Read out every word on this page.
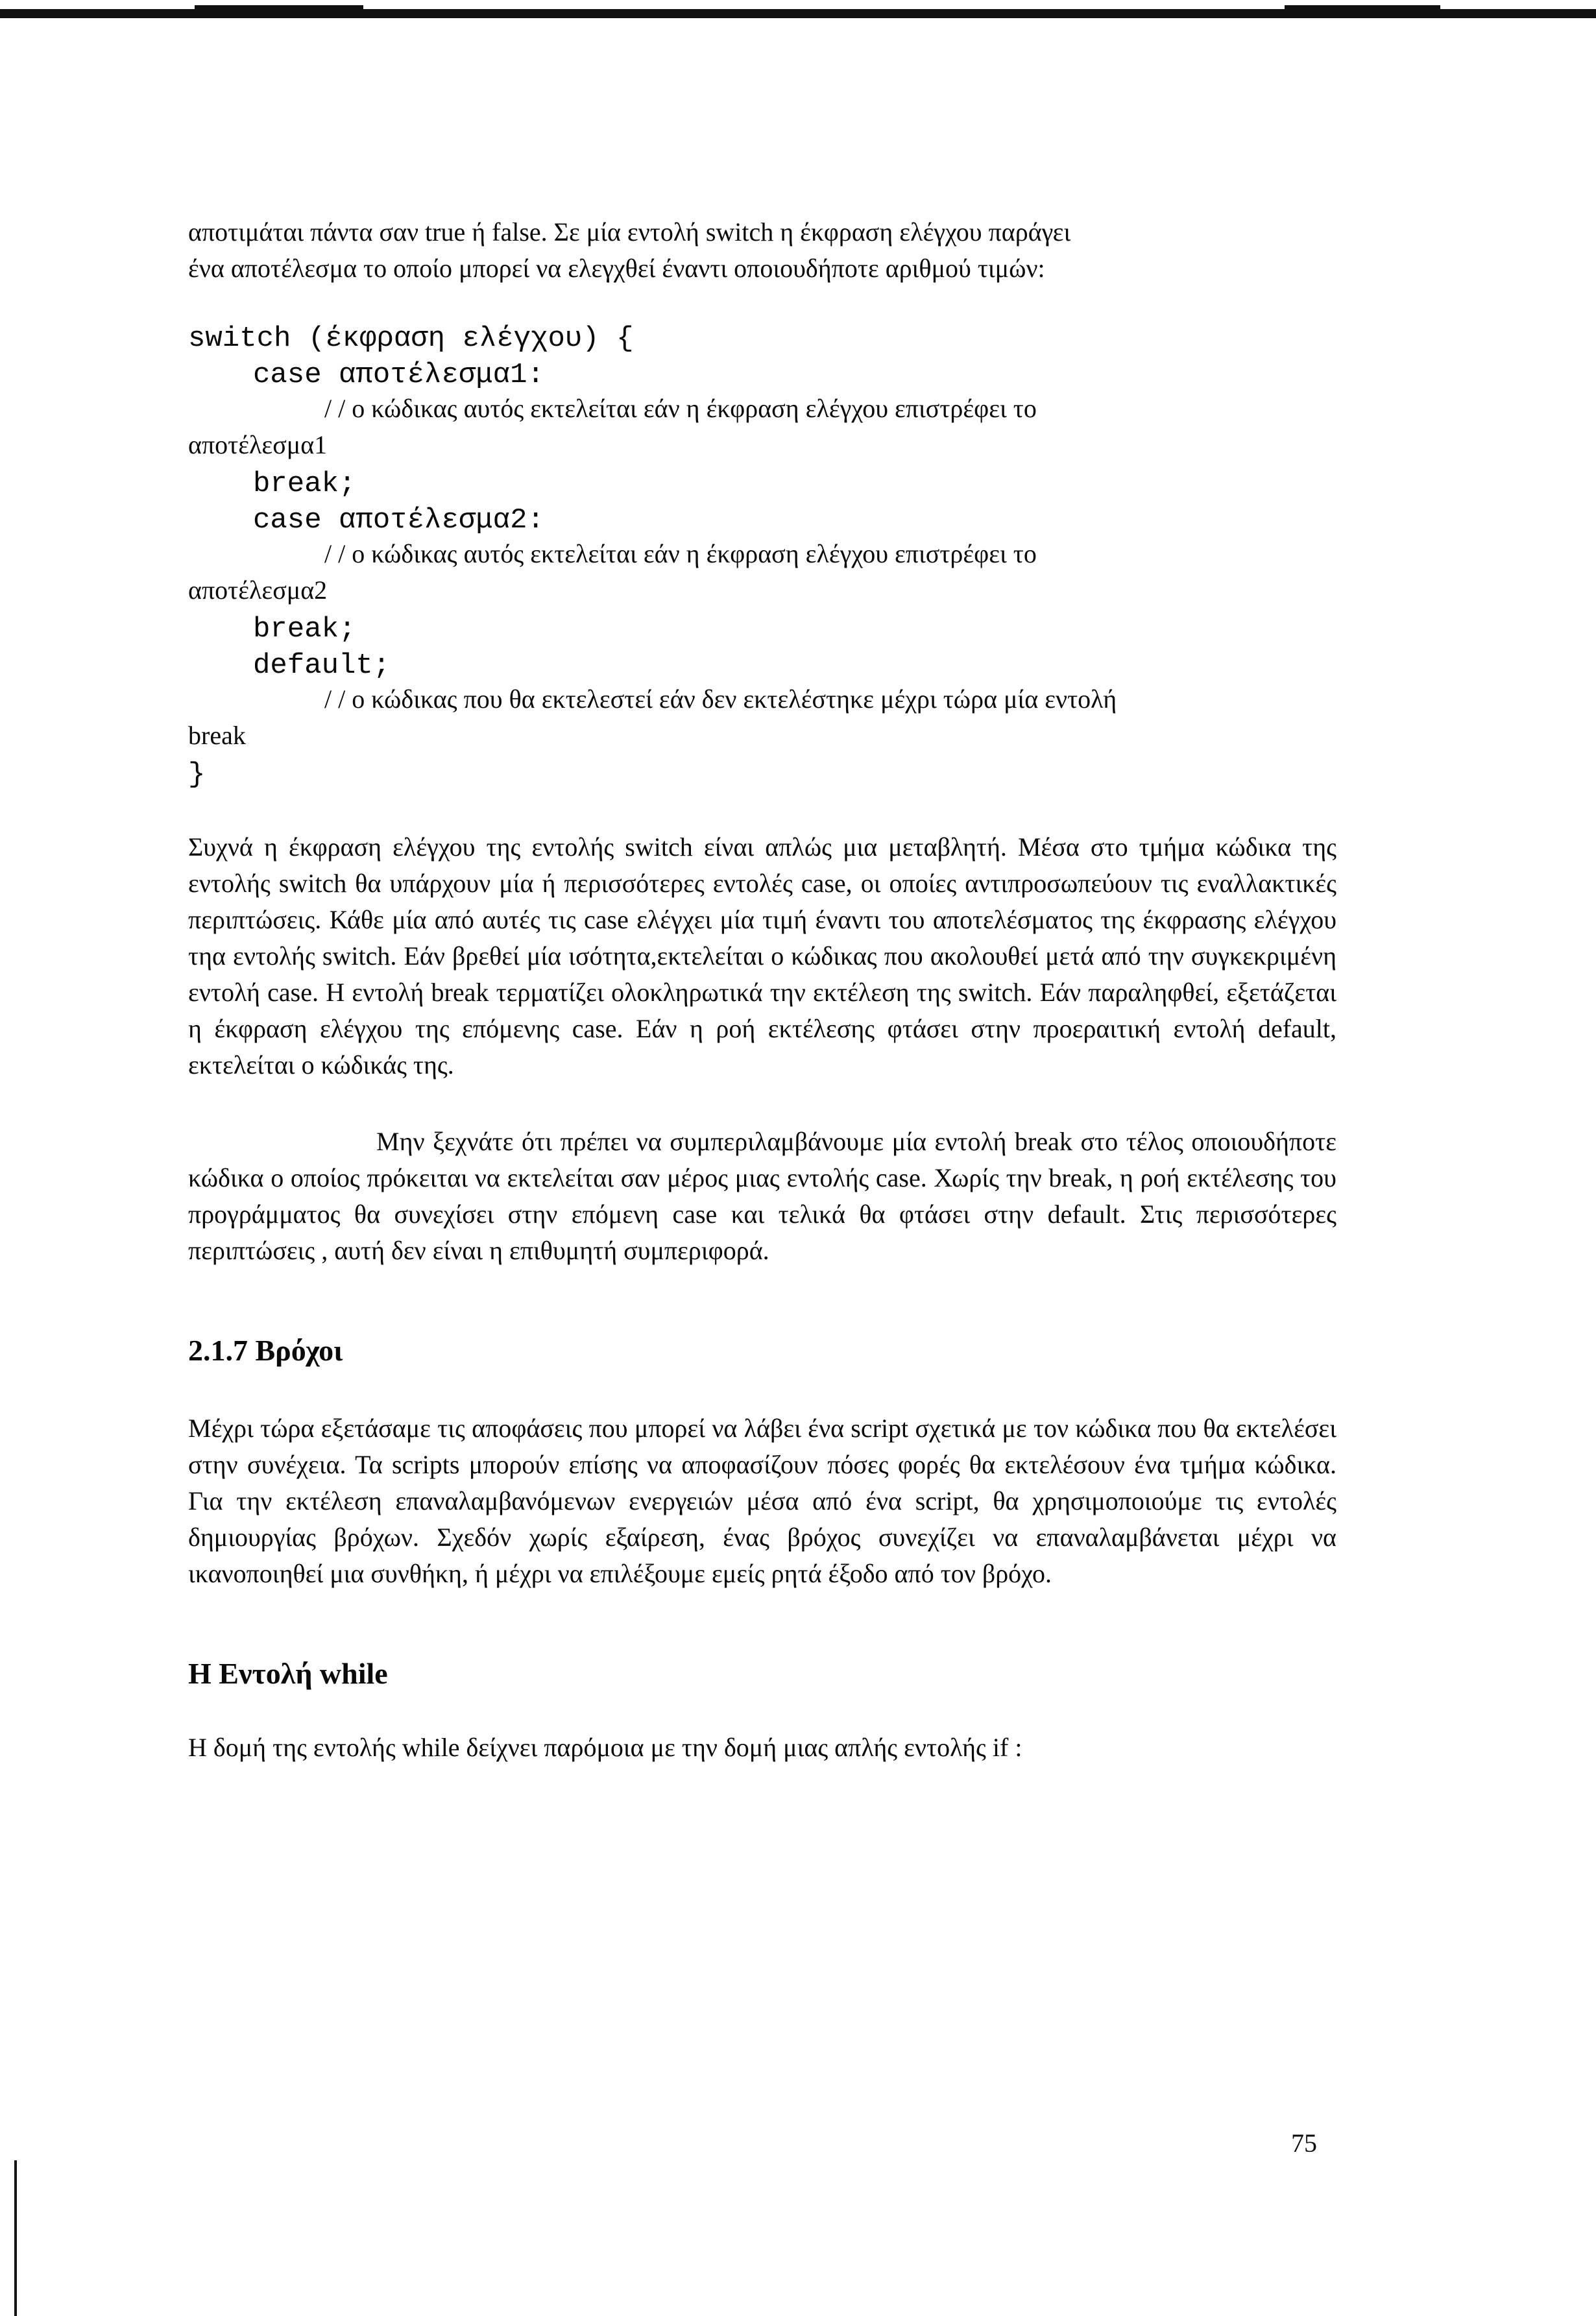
αποτιμάται πάντα σαν true ή false. Σε μία εντολή switch η έκφραση ελέγχου παράγει

ένα αποτέλεσμα το οποίο μπορεί να ελεγχθεί έναντι οποιουδήποτε αριθμού τιμών:

switch (έκφραση ελέγχου) {
case αποτέλεσμα1:
/ / ο κώδικας αυτός εκτελείται εάν η έκφραση ελέγχου επιστρέφει το
αποτέλεσμα1
break;
case αποτέλεσμα2:
/ / ο κώδικας αυτός εκτελείται εάν η έκφραση ελέγχου επιστρέφει το
αποτέλεσμα2
break;
default;
/ / ο κώδικας που θα εκτελεστεί εάν δεν εκτελέστηκε μέχρι τώρα μία εντολή
break
}

Συχνά η έκφραση ελέγχου της εντολής switch είναι απλώς μια μεταβλητή. Μέσα στο τμήμα κώδικα της εντολής switch θα υπάρχουν μία ή περισσότερες εντολές case, οι οποίες αντιπροσωπεύουν τις εναλλακτικές περιπτώσεις. Κάθε μία από αυτές τις case ελέγχει μία τιμή έναντι του αποτελέσματος της έκφρασης ελέγχου τηα εντολής switch. Εάν βρεθεί μία ισότητα,εκτελείται ο κώδικας που ακολουθεί μετά από την συγκεκριμένη εντολή case. Η εντολή break τερματίζει ολοκληρωτικά την εκτέλεση της switch. Εάν παραληφθεί, εξετάζεται η έκφραση ελέγχου της επόμενης case. Εάν η ροή εκτέλεσης φτάσει στην προεραιτική εντολή default, εκτελείται ο κώδικάς της.

Μην ξεχνάτε ότι πρέπει να συμπεριλαμβάνουμε μία εντολή break στο τέλος οποιουδήποτε κώδικα ο οποίος πρόκειται να εκτελείται σαν μέρος μιας εντολής case. Χωρίς την break, η ροή εκτέλεσης του προγράμματος θα συνεχίσει στην επόμενη case και τελικά θα φτάσει στην default. Στις περισσότερες περιπτώσεις , αυτή δεν είναι η επιθυμητή συμπεριφορά.

2.1.7 Βρόχοι

Μέχρι τώρα εξετάσαμε τις αποφάσεις που μπορεί να λάβει ένα script σχετικά με τον κώδικα που θα εκτελέσει στην συνέχεια. Τα scripts μπορούν επίσης να αποφασίζουν πόσες φορές θα εκτελέσουν ένα τμήμα κώδικα. Για την εκτέλεση επαναλαμβανόμενων ενεργειών μέσα από ένα script, θα χρησιμοποιούμε τις εντολές δημιουργίας βρόχων. Σχεδόν χωρίς εξαίρεση, ένας βρόχος συνεχίζει να επαναλαμβάνεται μέχρι να ικανοποιηθεί μια συνθήκη, ή μέχρι να επιλέξουμε εμείς ρητά έξοδο από τον βρόχο.

Η Εντολή while

Η δομή της εντολής while δείχνει παρόμοια με την δομή μιας απλής εντολής if :

75
